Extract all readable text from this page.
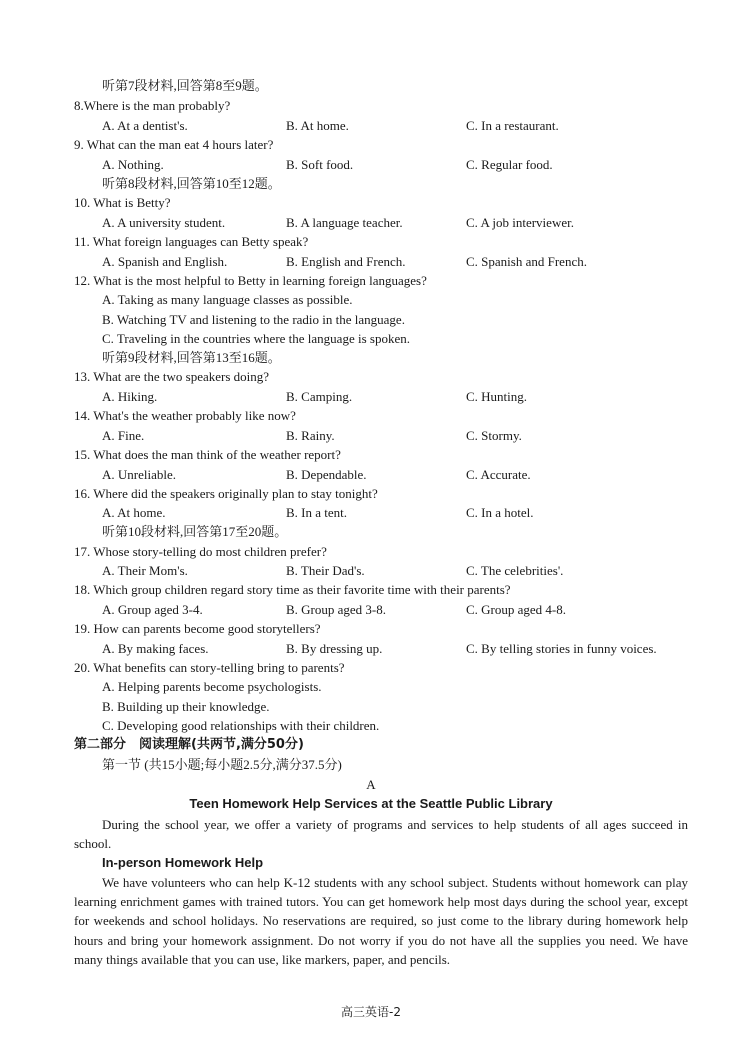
听第7段材料,回答第8至9题。
8.Where is the man probably?
A. At a dentist's.	B. At home.	C. In a restaurant.
9. What can the man eat 4 hours later?
A. Nothing.	B. Soft food.	C. Regular food.
听第8段材料,回答第10至12题。
10. What is Betty?
A. A university student.	B. A language teacher.	C. A job interviewer.
11. What foreign languages can Betty speak?
A. Spanish and English.	B. English and French.	C. Spanish and French.
12. What is the most helpful to Betty in learning foreign languages?
A. Taking as many language classes as possible.
B. Watching TV and listening to the radio in the language.
C. Traveling in the countries where the language is spoken.
听第9段材料,回答第13至16题。
13. What are the two speakers doing?
A. Hiking.	B. Camping.	C. Hunting.
14. What's the weather probably like now?
A. Fine.	B. Rainy.	C. Stormy.
15. What does the man think of the weather report?
A. Unreliable.	B. Dependable.	C. Accurate.
16. Where did the speakers originally plan to stay tonight?
A. At home.	B. In a tent.	C. In a hotel.
听第10段材料,回答第17至20题。
17. Whose story-telling do most children prefer?
A. Their Mom's.	B. Their Dad's.	C. The celebrities'.
18. Which group children regard story time as their favorite time with their parents?
A. Group aged 3-4.	B. Group aged 3-8.	C. Group aged 4-8.
19. How can parents become good storytellers?
A. By making faces.	B. By dressing up.	C. By telling stories in funny voices.
20. What benefits can story-telling bring to parents?
A. Helping parents become psychologists.
B. Building up their knowledge.
C. Developing good relationships with their children.
第二部分　阅读理解(共两节,满分50分)
第一节 (共15小题;每小题2.5分,满分37.5分)
A
Teen Homework Help Services at the Seattle Public Library
During the school year, we offer a variety of programs and services to help students of all ages succeed in school.
In-person Homework Help
We have volunteers who can help K-12 students with any school subject. Students without homework can play learning enrichment games with trained tutors. You can get homework help most days during the school year, except for weekends and school holidays. No reservations are required, so just come to the library during homework help hours and bring your homework assignment. Do not worry if you do not have all the supplies you need. We have many things available that you can use, like markers, paper, and pencils.
高三英语-2
